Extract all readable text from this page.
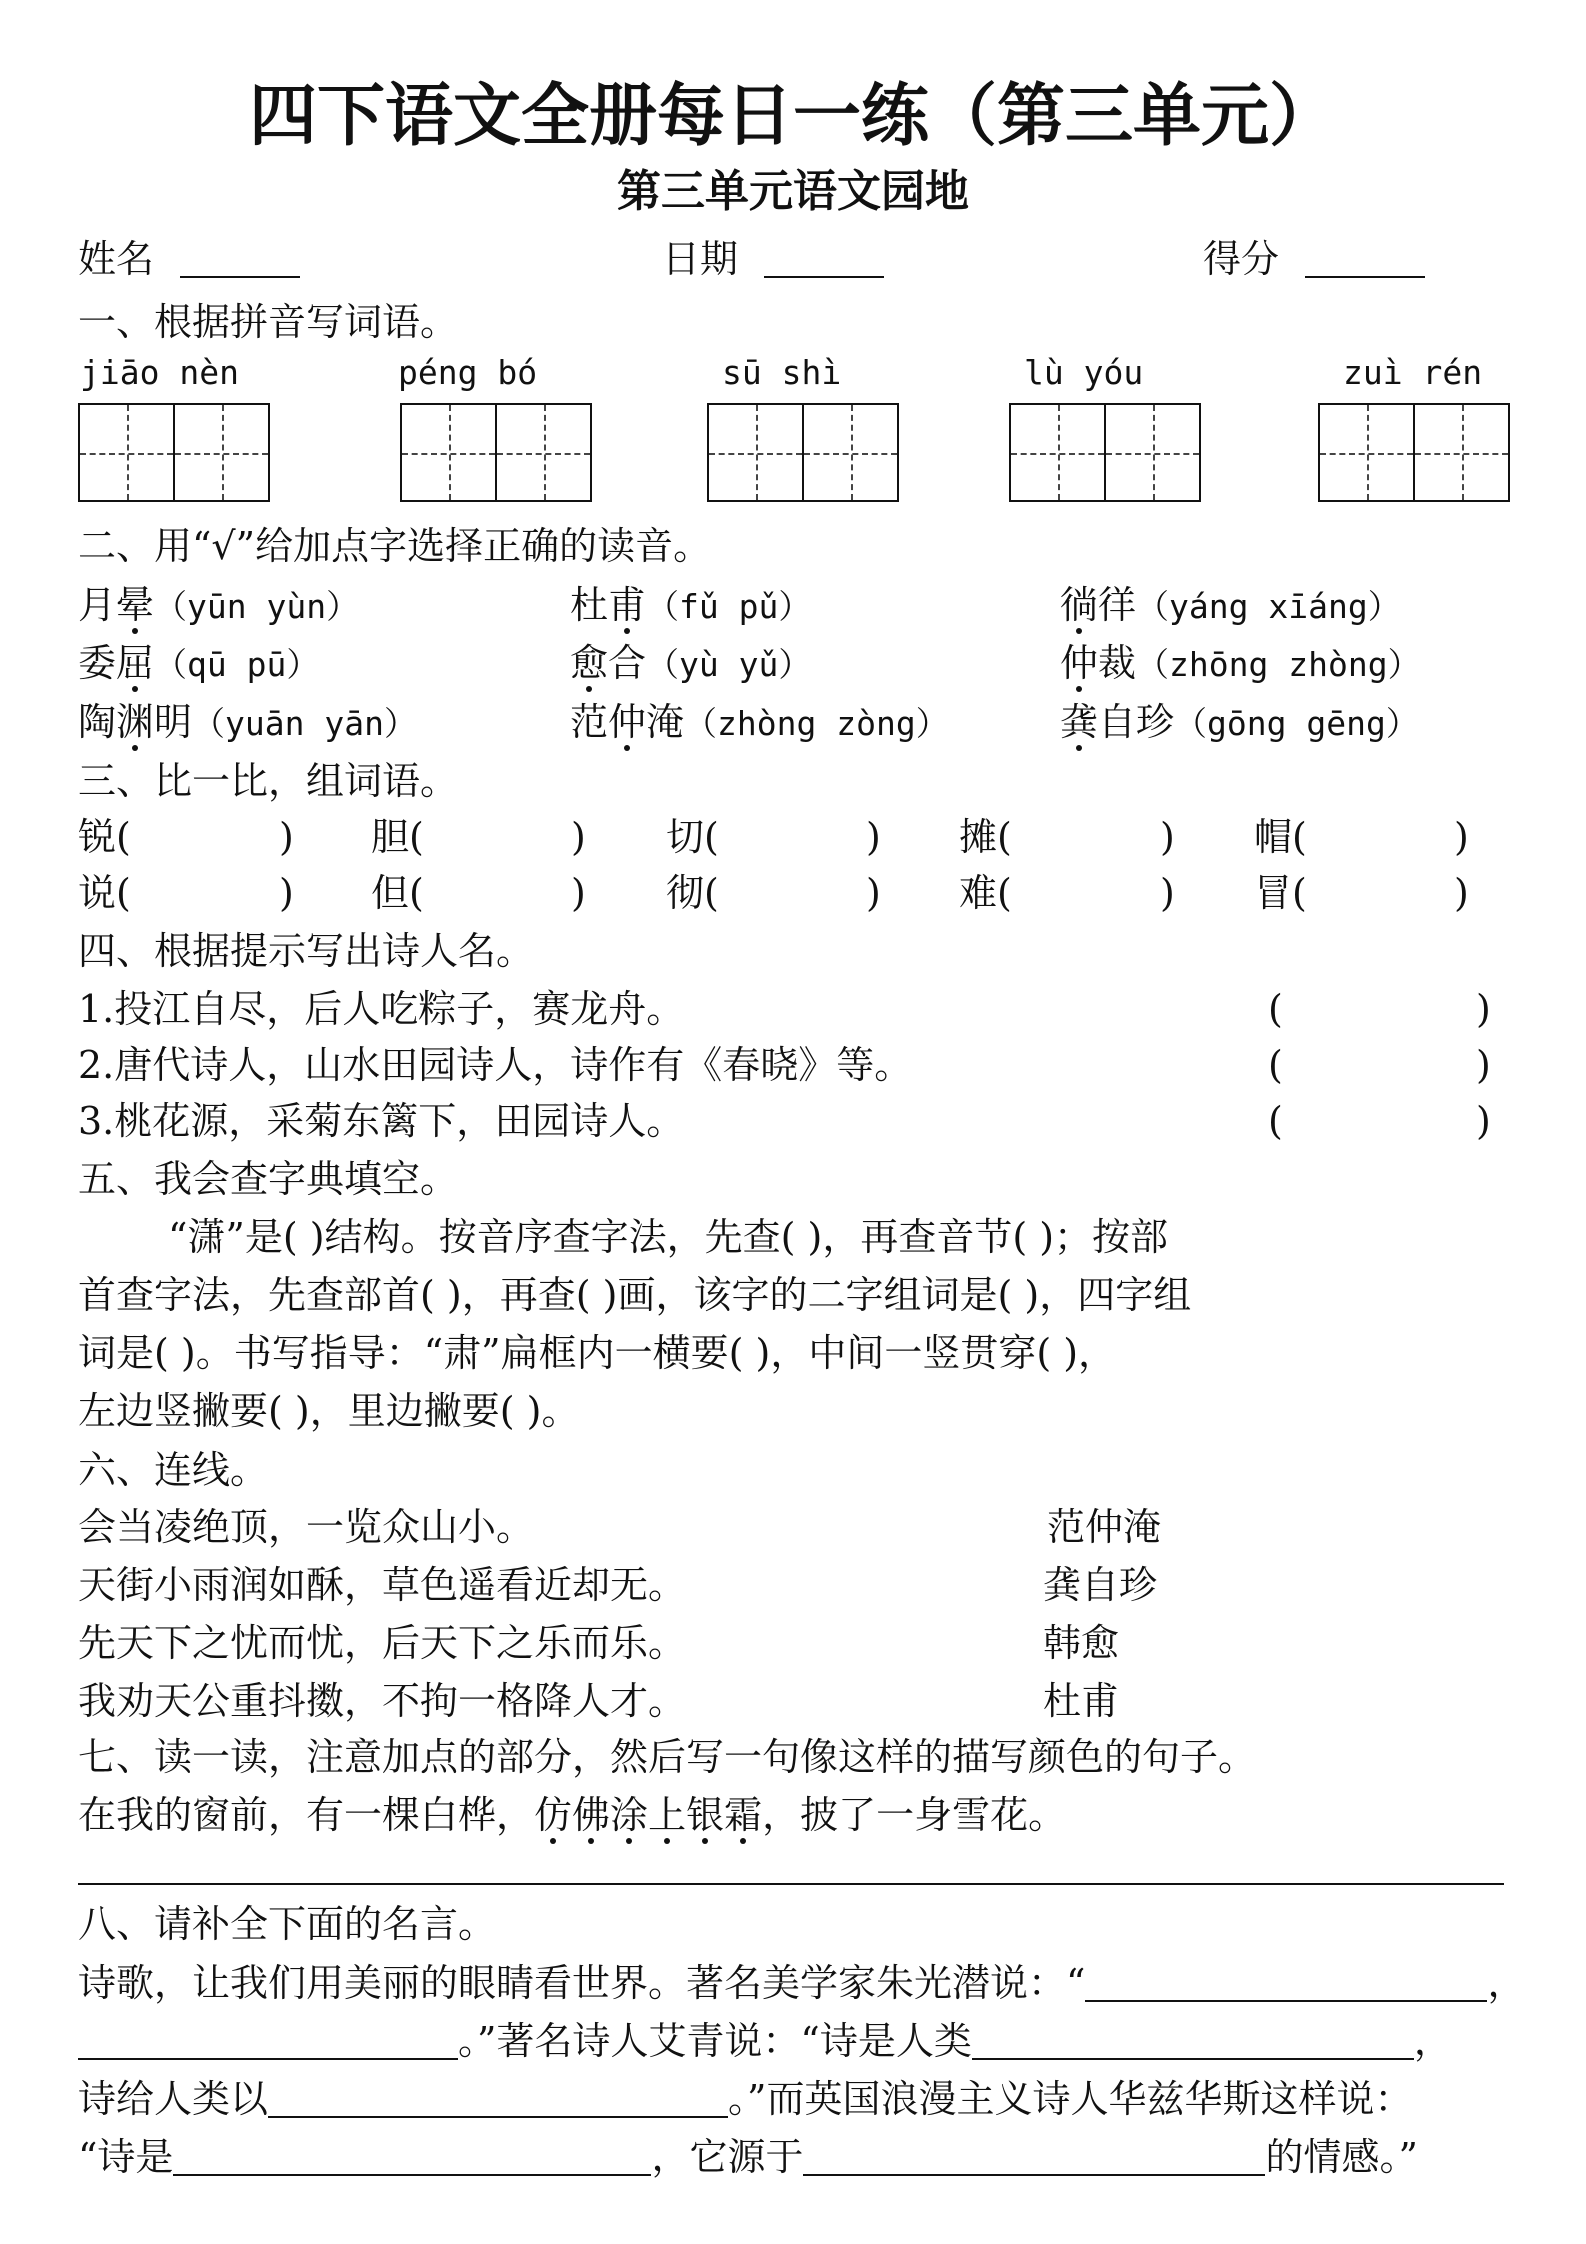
四下语文全册每日一练（第三单元）
第三单元语文园地
姓名	日期	得分
一、根据拼音写词语。
jiāo nèn	péng bó	sū shì	lù yóu	zuì rén
二、用“√”给加点字选择正确的读音。
月晕（yūn yùn）	杜甫（fǔ pǔ）	徜徉（yáng xīáng）
委屈（qū pū）	愈合（yù yǔ）	仲裁（zhōng zhòng）
陶渊明（yuān yān）	范仲淹（zhòng zòng）	龚自珍（gōng gēng）
三、比一比，组词语。
锐(	) 胆(	) 切(	) 摊(	) 帽(	)
说(	) 但(	) 彻(	) 难(	) 冒(	)
四、根据提示写出诗人名。
1.投江自尽，后人吃粽子，赛龙舟。	(	)
2.唐代诗人，山水田园诗人，诗作有《春晓》等。	(	)
3.桃花源，采菊东篱下，田园诗人。	(	)
五、我会查字典填空。
“潇”是( )结构。按音序查字法，先查( )，再查音节( )；按部
首查字法，先查部首( )，再查( )画，该字的二字组词是( )，四字组
词是( )。书写指导：“肃”扁框内一横要( )，中间一竖贯穿( )，
左边竖撇要( )，里边撇要( )。
六、连线。
会当凌绝顶，一览众山小。	范仲淹
天街小雨润如酥，草色遥看近却无。	龚自珍
先天下之忧而忧，后天下之乐而乐。	韩愈
我劝天公重抖擞，不拘一格降人才。	杜甫
七、读一读，注意加点的部分，然后写一句像这样的描写颜色的句子。
在我的窗前，有一棵白桦，仿佛涂上银霜，披了一身雪花。
八、请补全下面的名言。
诗歌，让我们用美丽的眼睛看世界。著名美学家朱光潜说：“	，
。”著名诗人艾青说：“诗是人类	，
诗给人类以	。”而英国浪漫主义诗人华兹华斯这样说：
“诗是	，它源于	的情感。”
